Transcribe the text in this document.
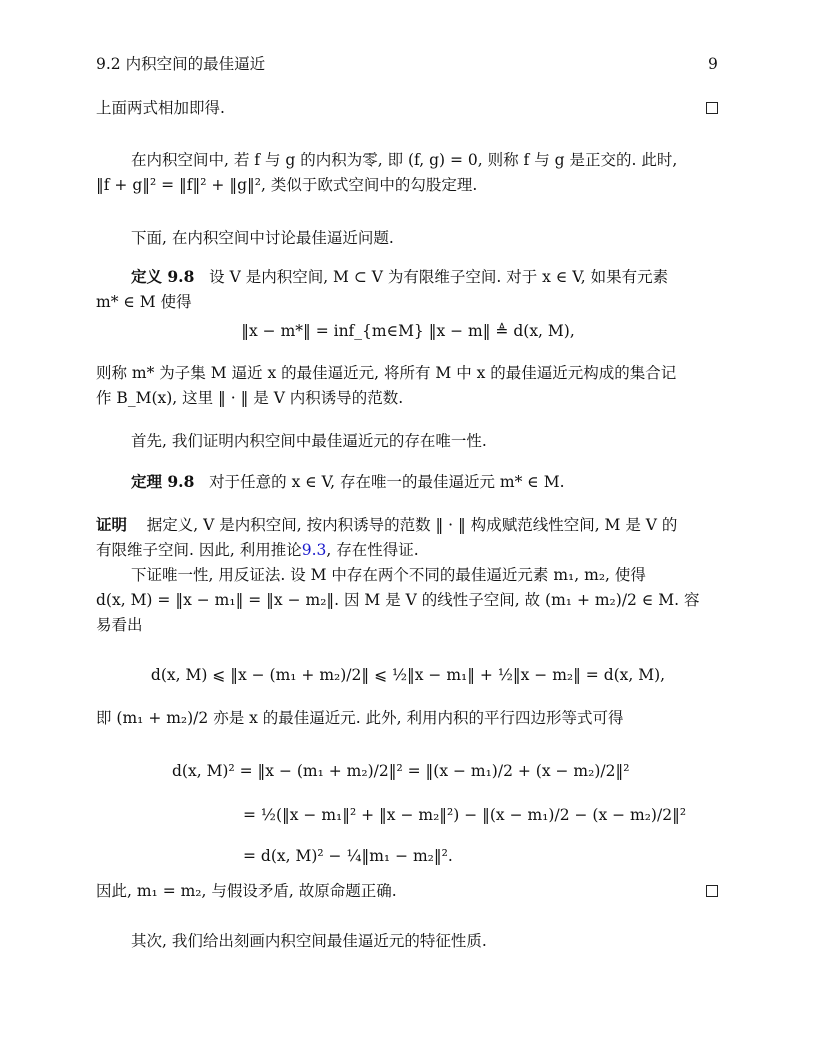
9.2 内积空间的最佳逼近	9
上面两式相加即得.
在内积空间中, 若 f 与 g 的内积为零, 即 (f, g) = 0, 则称 f 与 g 是正交的. 此时,
‖f + g‖² = ‖f‖² + ‖g‖², 类似于欧式空间中的勾股定理.
下面, 在内积空间中讨论最佳逼近问题.
定义 9.8 设 V 是内积空间, M ⊂ V 为有限维子空间. 对于 x ∈ V, 如果有元素
m* ∈ M 使得
‖x − m*‖ = inf_{m∈M} ‖x − m‖ ≜ d(x, M),
则称 m* 为子集 M 逼近 x 的最佳逼近元, 将所有 M 中 x 的最佳逼近元构成的集合记
作 B_M(x), 这里 ‖ · ‖ 是 V 内积诱导的范数.
首先, 我们证明内积空间中最佳逼近元的存在唯一性.
定理 9.8 对于任意的 x ∈ V, 存在唯一的最佳逼近元 m* ∈ M.
证明 据定义, V 是内积空间, 按内积诱导的范数 ‖ · ‖ 构成赋范线性空间, M 是 V 的
有限维子空间. 因此, 利用推论9.3, 存在性得证.
下证唯一性, 用反证法. 设 M 中存在两个不同的最佳逼近元素 m₁, m₂, 使得
d(x, M) = ‖x − m₁‖ = ‖x − m₂‖. 因 M 是 V 的线性子空间, 故 (m₁ + m₂)/2 ∈ M. 容
易看出
d(x, M) ⩽ ‖x − (m₁ + m₂)/2‖ ⩽ ½‖x − m₁‖ + ½‖x − m₂‖ = d(x, M),
即 (m₁ + m₂)/2 亦是 x 的最佳逼近元. 此外, 利用内积的平行四边形等式可得
d(x, M)² = ‖x − (m₁ + m₂)/2‖² = ‖(x − m₁)/2 + (x − m₂)/2‖²
= ½(‖x − m₁‖² + ‖x − m₂‖²) − ‖(x − m₁)/2 − (x − m₂)/2‖²
= d(x, M)² − ¼‖m₁ − m₂‖².
因此, m₁ = m₂, 与假设矛盾, 故原命题正确.
其次, 我们给出刻画内积空间最佳逼近元的特征性质.
